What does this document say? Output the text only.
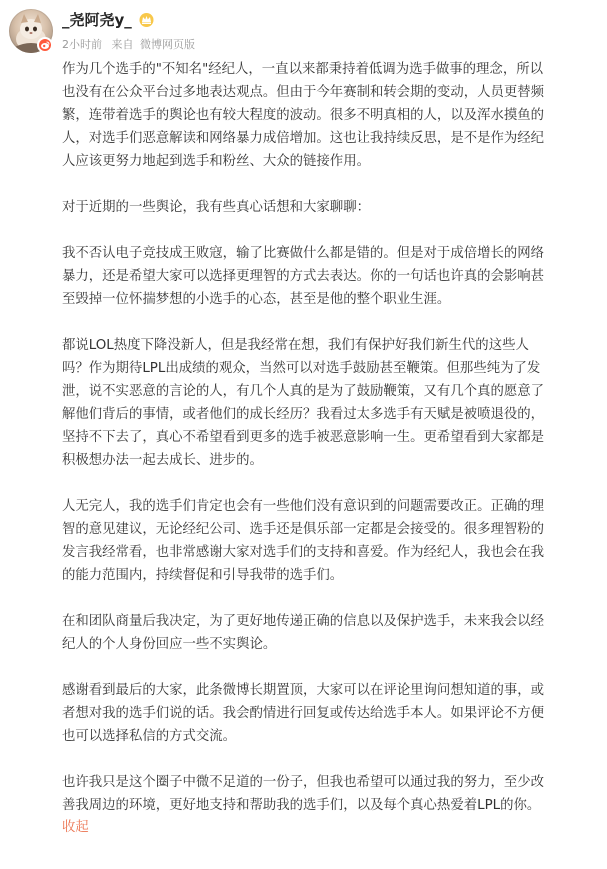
_尧阿尧y_
2小时前 来自 微博网页版

作为几个选手的"不知名"经纪人，一直以来都秉持着低调为选手做事的理念，所以

也没有在公众平台过多地表达观点。但由于今年赛制和转会期的变动，人员更替频

繁，连带着选手的舆论也有较大程度的波动。很多不明真相的人，以及浑水摸鱼的

人，对选手们恶意解读和网络暴力成倍增加。这也让我持续反思，是不是作为经纪

人应该更努力地起到选手和粉丝、大众的链接作用。

对于近期的一些舆论，我有些真心话想和大家聊聊：

我不否认电子竞技成王败寇，输了比赛做什么都是错的。但是对于成倍增长的网络

暴力，还是希望大家可以选择更理智的方式去表达。你的一句话也许真的会影响甚

至毁掉一位怀揣梦想的小选手的心态，甚至是他的整个职业生涯。

都说LOL热度下降没新人，但是我经常在想，我们有保护好我们新生代的这些人

吗？作为期待LPL出成绩的观众，当然可以对选手鼓励甚至鞭策。但那些纯为了发

泄，说不实恶意的言论的人，有几个人真的是为了鼓励鞭策，又有几个真的愿意了

解他们背后的事情，或者他们的成长经历？我看过太多选手有天赋是被喷退役的，

坚持不下去了，真心不希望看到更多的选手被恶意影响一生。更希望看到大家都是

积极想办法一起去成长、进步的。

人无完人，我的选手们肯定也会有一些他们没有意识到的问题需要改正。正确的理

智的意见建议，无论经纪公司、选手还是俱乐部一定都是会接受的。很多理智粉的

发言我经常看，也非常感谢大家对选手们的支持和喜爱。作为经纪人，我也会在我

的能力范围内，持续督促和引导我带的选手们。

在和团队商量后我决定，为了更好地传递正确的信息以及保护选手，未来我会以经

纪人的个人身份回应一些不实舆论。

感谢看到最后的大家，此条微博长期置顶，大家可以在评论里询问想知道的事，或

者想对我的选手们说的话。我会酌情进行回复或传达给选手本人。如果评论不方便

也可以选择私信的方式交流。

也许我只是这个圈子中微不足道的一份子，但我也希望可以通过我的努力，至少改

善我周边的环境，更好地支持和帮助我的选手们，以及每个真心热爱着LPL的你。

收起
